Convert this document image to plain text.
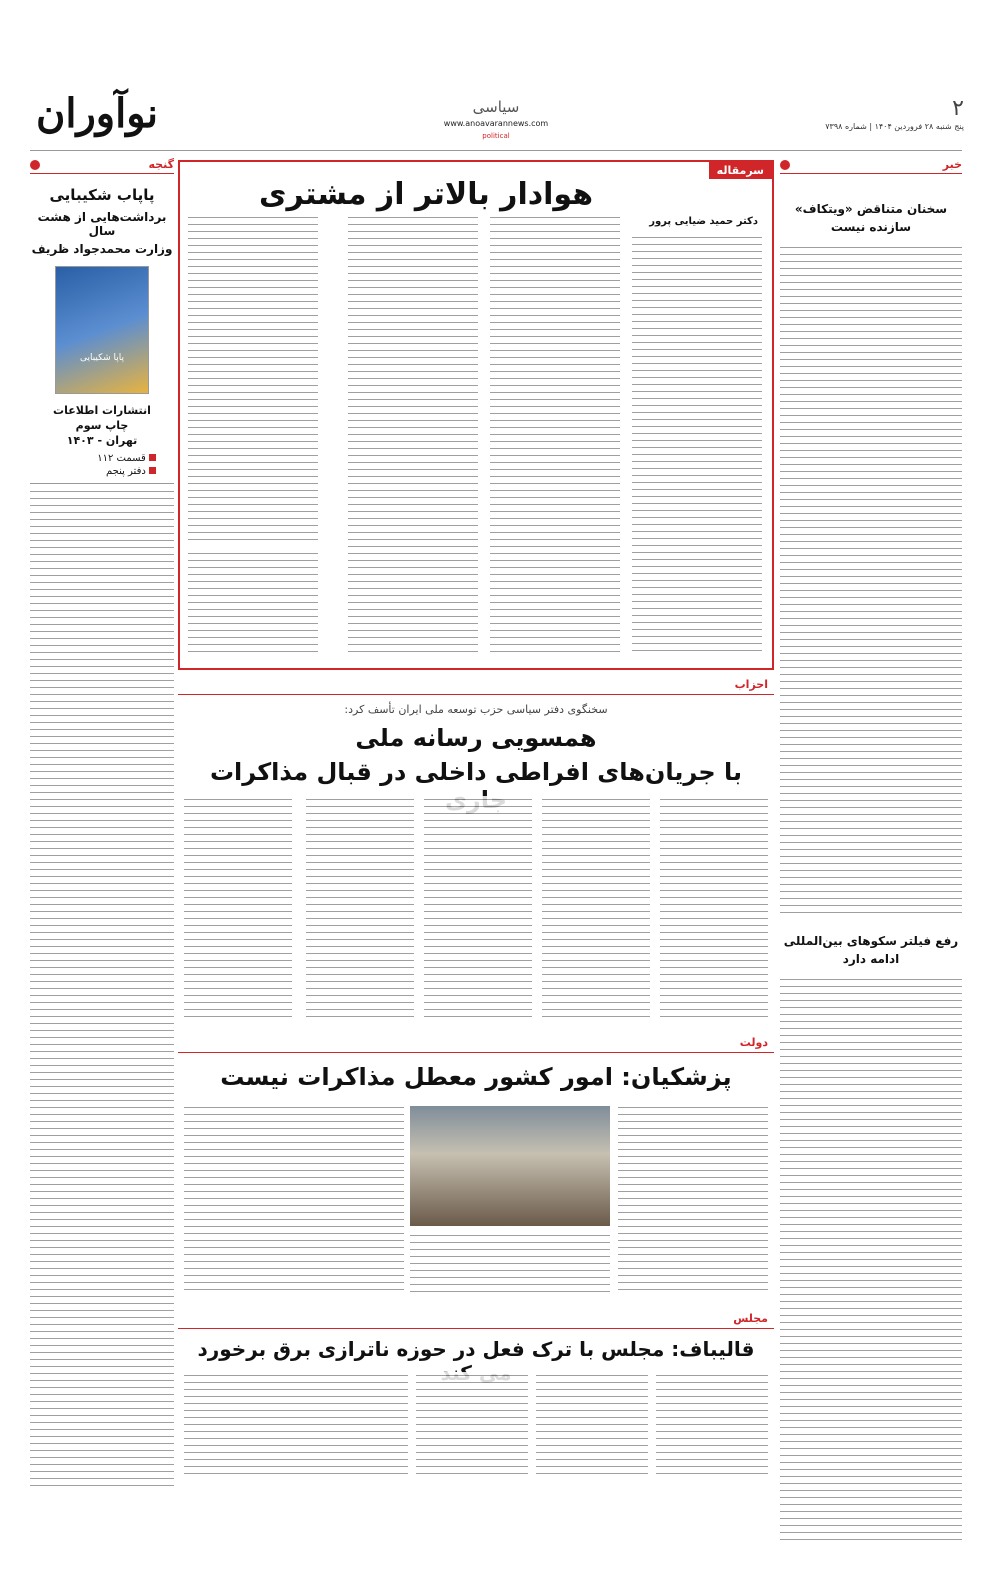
۲
پنج شنبه ۲۸ فروردین ۱۴۰۴ | شماره ۷۳۹۸
سیاسی
www.anoavarannews.com
political
نوآوران
خبر
سخنان متناقض «ویتکاف» سازنده نیست
رفع فیلتر سکوهای بین‌المللی ادامه دارد
سرمقاله
هوادار بالاتر از مشتری
دکتر حمید ضیایی پرور
گنجه
پاپاب شکیبایی
برداشت‌هایی از هشت سال
وزارت محمدجواد ظریف
پاپا شکیبایی
انتشارات اطلاعات
چاپ سوم
تهران - ۱۴۰۳
قسمت ۱۱۲
دفتر پنجم
احزاب
سخنگوی دفتر سیاسی حزب توسعه ملی ایران تأسف کرد:
همسویی رسانه ملی
با جریان‌های افراطی داخلی در قبال مذاکرات
دولت
پزشکیان: امور کشور معطل مذاکرات نیست
مجلس
قالیباف: مجلس با ترک فعل در حوزه ناترازی برق برخورد
